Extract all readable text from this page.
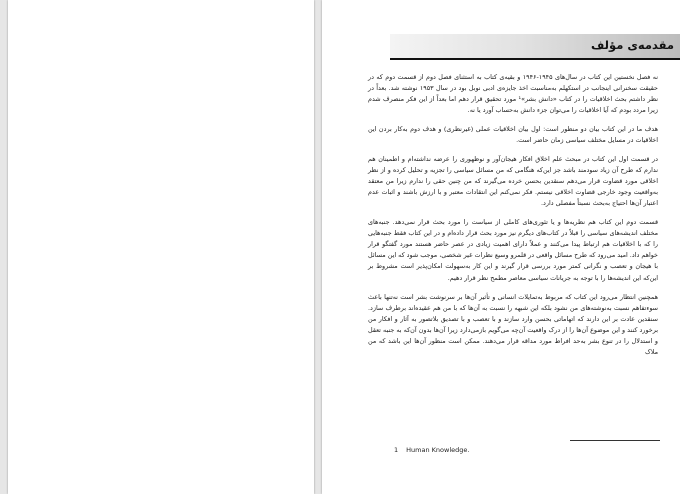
مقدمه‌ی مؤلف

نه فصل نخستین این کتاب در سال‌های ۱۹۴۵-۱۹۴۶ و بقیه‌ی کتاب به استثنای فصل دوم از قسمت دوم که در حقیقت سخنرانی اینجانب در استکهلم به‌مناسبت اخذ جایزه‌ی ادبی نوبل بود در سال ۱۹۵۳ نوشته شد. بعداً در نظر داشتم بحث اخلاقیات را در کتاب «دانش بشر»¹ مورد تحقیق قرار دهم اما بعداً از این فکر منصرف شدم زیرا مردد بودم که آیا اخلاقیات را می‌توان جزء دانش به‌حساب آورد یا نه.

هدف ما در این کتاب بیان دو منظور است: اول بیان اخلاقیات عملی (غیرنظری) و هدف دوم به‌کار بردن این اخلاقیات در مسایل مختلف سیاسی زمان حاضر است.

در قسمت اول این کتاب در مبحث علم اخلاق افکار هیجان‌آور و نوظهوری را عرضه نداشته‌ام و اطمینان هم ندارم که طرح آن زیاد سودمند باشد جز این‌که هنگامی که من مسائل سیاسی را تجزیه و تحلیل کرده و از نظر اخلاقی مورد قضاوت قرار می‌دهم سنقدین بحسن خرده می‌گیرند که من چنین حقی را ندارم زیرا من معتقد به‌واقعیت وجود خارجی قضاوت اخلاقی نیستم. فکر نمی‌کنم این انتقادات معتبر و با ارزش باشند و اثبات عدم اعتبار آن‌ها احتیاج به‌بحث نسبتاً مفصلی دارد.

قسمت دوم این کتاب هم نظریه‌ها و یا تئوری‌های کاملی از سیاست را مورد بحث قرار نمی‌دهد. جنبه‌های مختلف اندیشه‌های سیاسی را قبلاً در کتاب‌های دیگرم نیز مورد بحث قرار داده‌ام و در این کتاب فقط جنبه‌هایی را که با اخلاقیات هم ارتباط پیدا می‌کنند و عملاً دارای اهمیت زیادی در عصر حاضر هستند مورد گفتگو قرار خواهم داد. امید می‌رود که طرح مسائل واقعی در قلمرو وسیع نظرات غیر شخصی، موجب شود که این مسائل با هیجان و تعصب و نگرانی کمتر مورد بررسی قرار گیرند و این کار به‌سهولت امکان‌پذیر است مشروط بر این‌که این اندیشه‌ها را با توجه به جریانات سیاسی معاصر مطمح نظر قرار دهیم.

همچنین انتظار می‌رود این کتاب که مربوط به‌تمایلات انسانی و تأثیر آن‌ها بر سرنوشت بشر است نه‌تنها باعث سوءتفاهم نسبت به‌نوشته‌های من نشود بلکه این شبهه را نسبت به آن‌ها که با من هم عقیده‌اند برطرف سازد. سنقدین عادت بر این دارند که اتهاماتی بحسن وارد سازند و با تعصب و با تصدیق بلاتصور به آثار و افکار من برخورد کنند و این موضوع آن‌ها را از درک واقعیت آن‌چه می‌گویم بازمی‌دارد زیرا آن‌ها بدون آن‌که به جنبه تعقل و استدلال را در تنوع بشر به‌حد افراط مورد مداقه قرار می‌دهند. ممکن است منظور آن‌ها این باشد که من ملاک

1 Human Knowledge.
